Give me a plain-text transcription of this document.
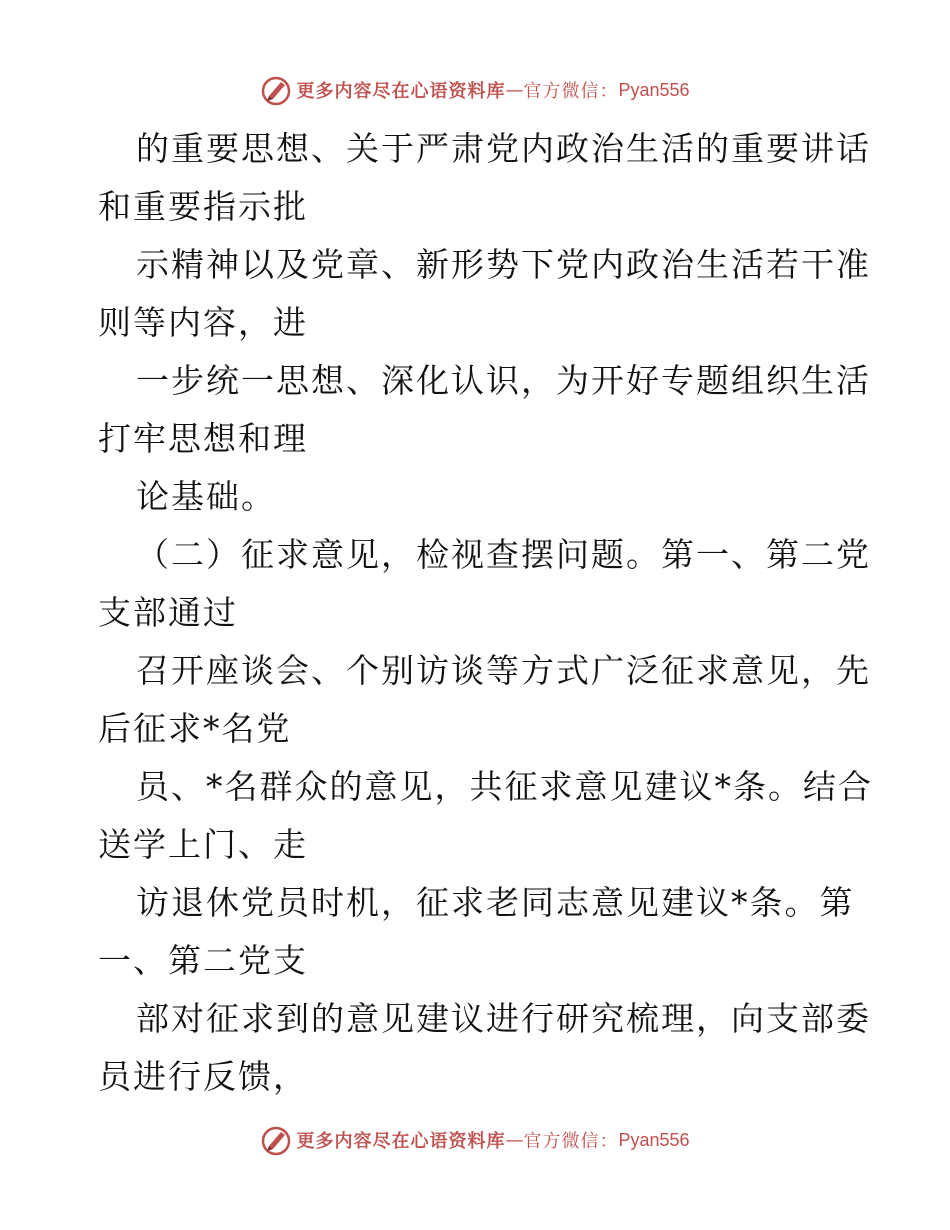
更多内容尽在心语资料库 — 官方微信： Pyan556
的重要思想、关于严肃党内政治生活的重要讲话
和重要指示批
示精神以及党章、新形势下党内政治生活若干准
则等内容，进
一步统一思想、深化认识，为开好专题组织生活
打牢思想和理
论基础。
（二）征求意见，检视查摆问题。第一、第二党
支部通过
召开座谈会、个别访谈等方式广泛征求意见，先
后征求*名党
员、*名群众的意见，共征求意见建议*条。结合
送学上门、走
访退休党员时机，征求老同志意见建议*条。第
一、第二党支
部对征求到的意见建议进行研究梳理，向支部委
员进行反馈，
更多内容尽在心语资料库 — 官方微信： Pyan556
